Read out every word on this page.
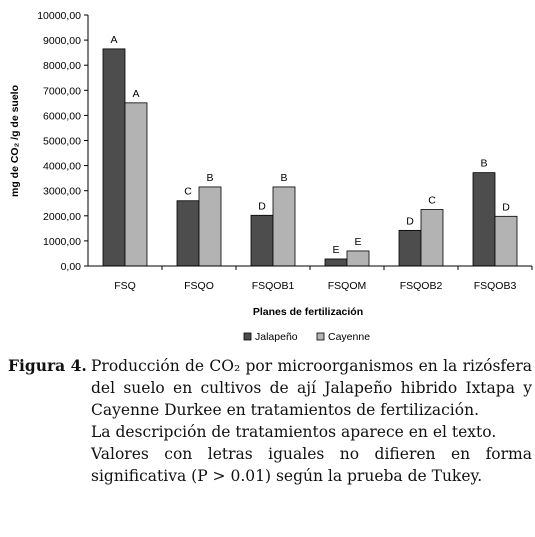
0,00
1000,00
2000,00
3000,00
4000,00
5000,00
6000,00
7000,00
8000,00
9000,00
10000,00
A
A
C
B
D
B
E
E
D
C
B
D
FSQ	FSQO	FSQOB1	FSQOM	FSQOB2	FSQOB3
mg de CO₂ /g de suelo
Planes de fertilización
Jalapeño	Cayenne
Figura 4. Producción de CO₂ por microorganismos en la rizósfera del suelo en cultivos de ají Jalapeño hibrido Ixtapa y Cayenne Durkee en tratamientos de fertilización.

La descripción de tratamientos aparece en el texto.

Valores con letras iguales no difieren en forma significativa (P > 0.01) según la prueba de Tukey.
